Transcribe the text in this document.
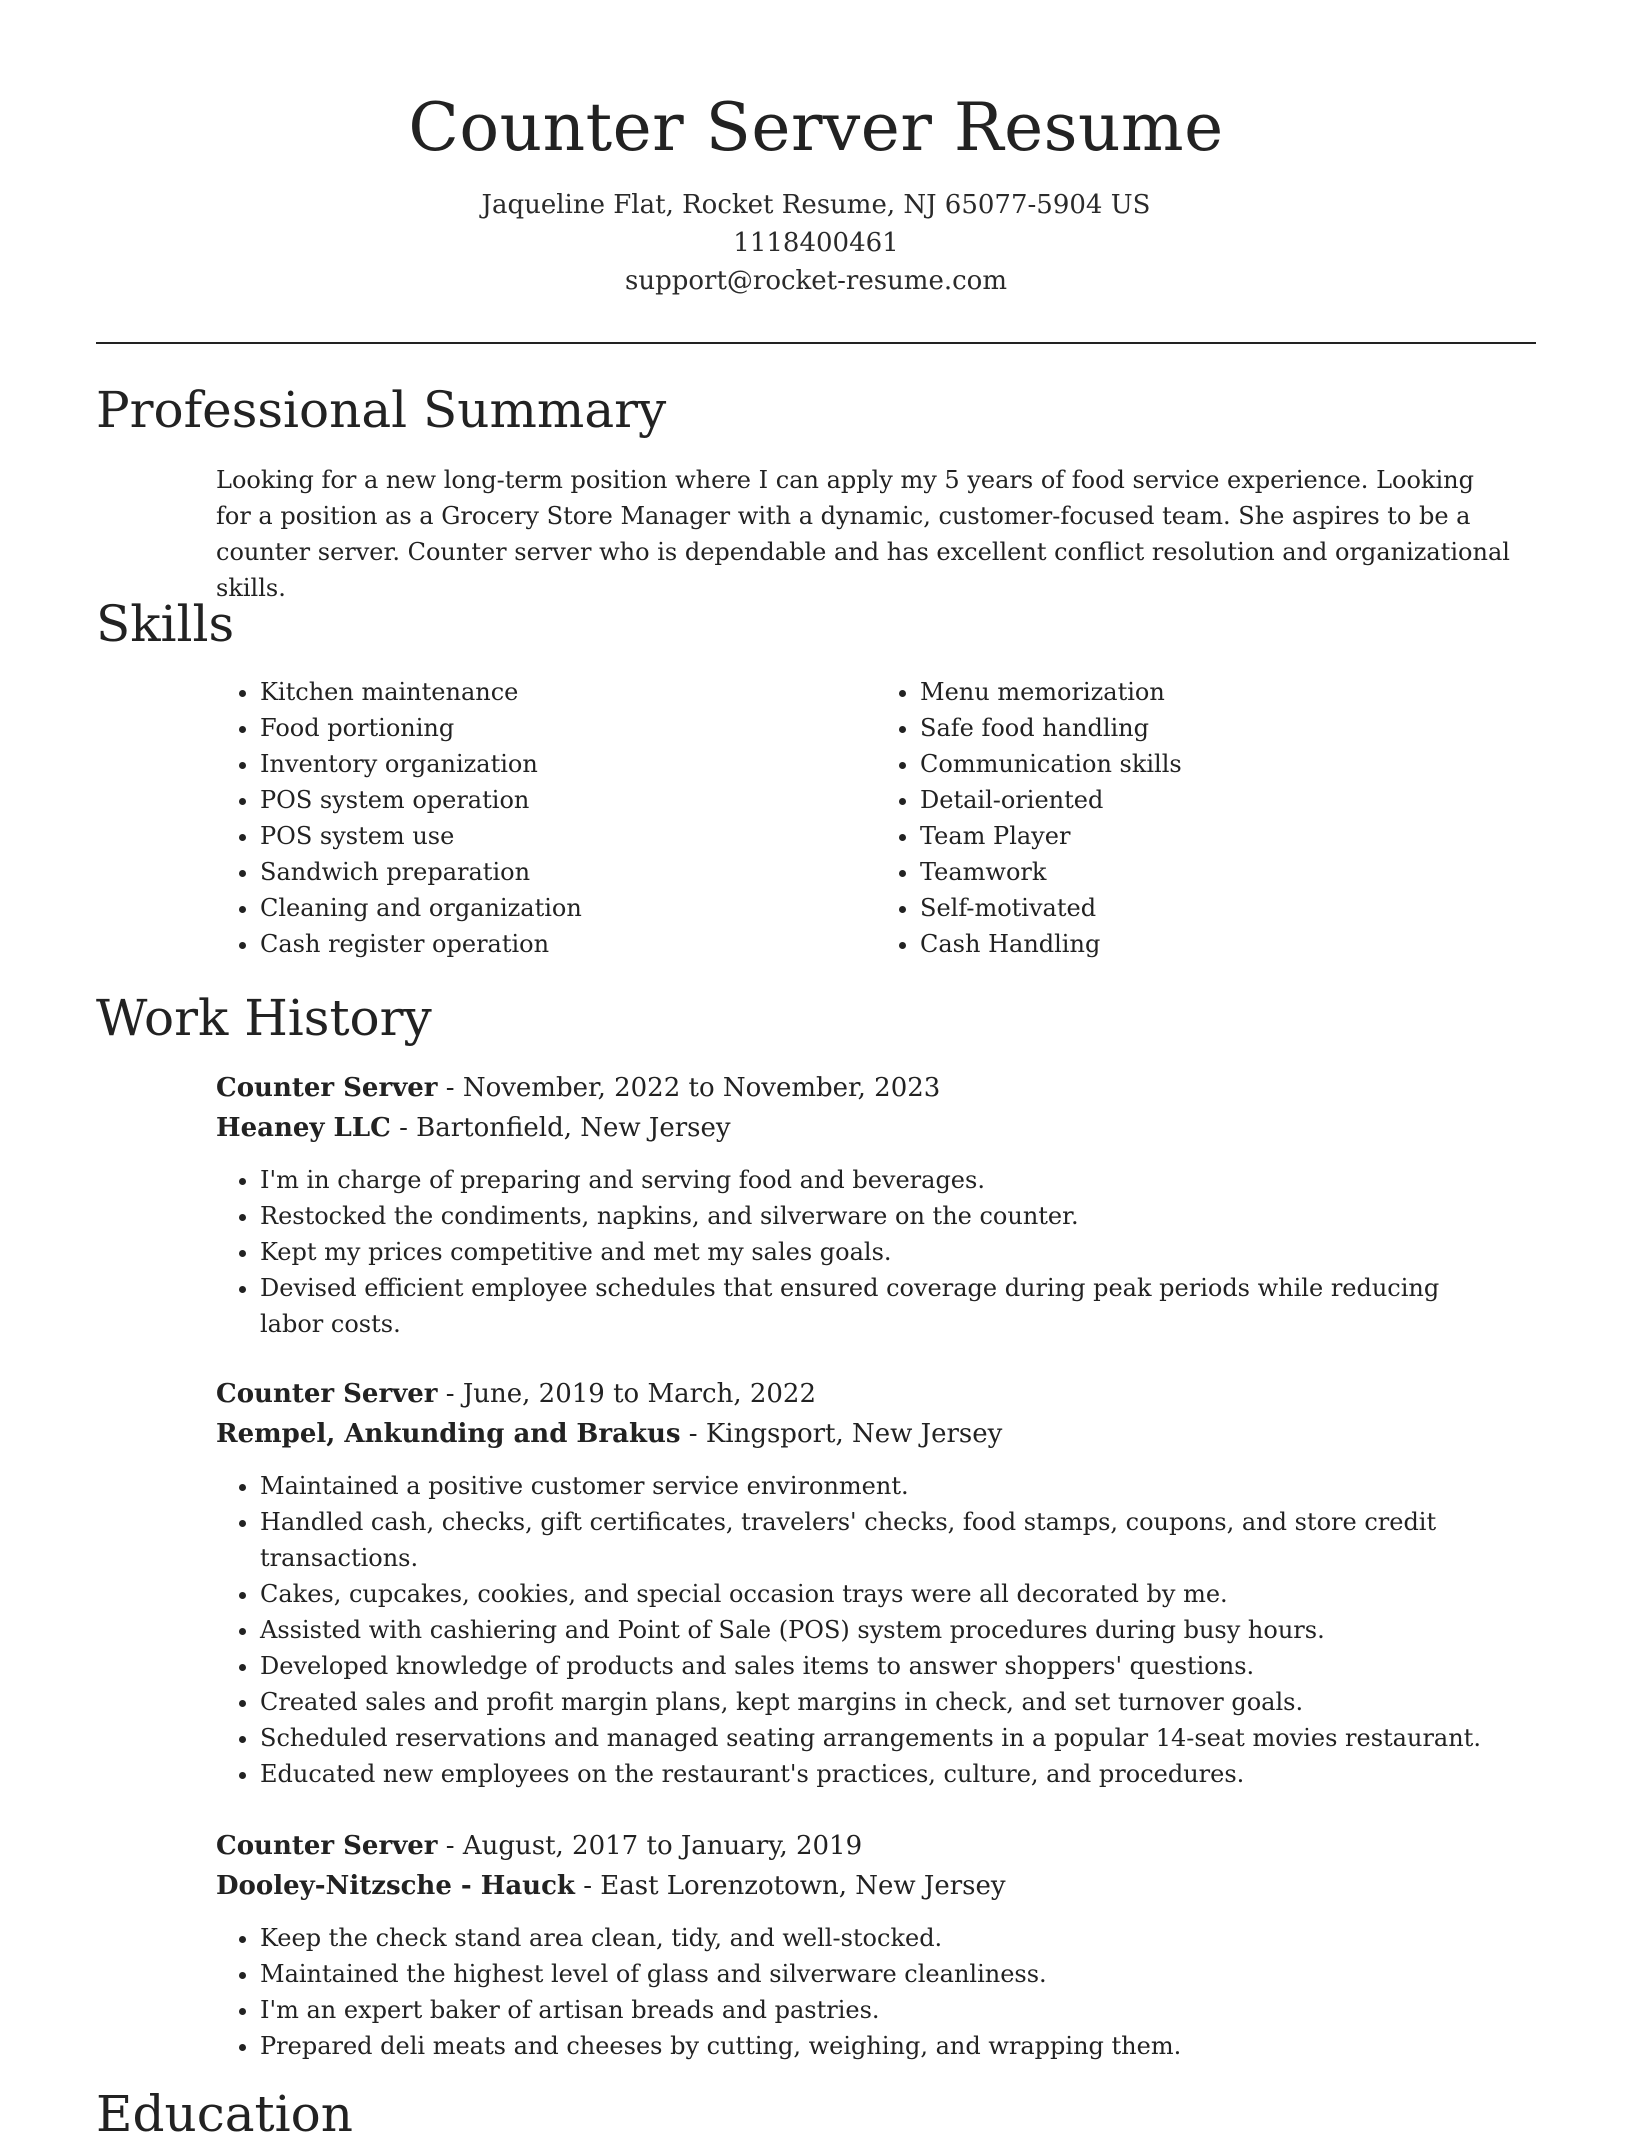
Counter Server Resume
Jaqueline Flat, Rocket Resume, NJ 65077-5904 US
1118400461
support@rocket-resume.com
Professional Summary

Looking for a new long-term position where I can apply my 5 years of food service experience. Looking for a position as a Grocery Store Manager with a dynamic, customer-focused team. She aspires to be a counter server. Counter server who is dependable and has excellent conflict resolution and organizational skills.

Skills
• Kitchen maintenance
• Food portioning
• Inventory organization
• POS system operation
• POS system use
• Sandwich preparation
• Cleaning and organization
• Cash register operation
• Menu memorization
• Safe food handling
• Communication skills
• Detail-oriented
• Team Player
• Teamwork
• Self-motivated
• Cash Handling
Work History
Counter Server - November, 2022 to November, 2023
Heaney LLC - Bartonfield, New Jersey
• I'm in charge of preparing and serving food and beverages.
• Restocked the condiments, napkins, and silverware on the counter.
• Kept my prices competitive and met my sales goals.
• Devised efficient employee schedules that ensured coverage during peak periods while reducing labor costs.
Counter Server - June, 2019 to March, 2022
Rempel, Ankunding and Brakus - Kingsport, New Jersey
• Maintained a positive customer service environment.
• Handled cash, checks, gift certificates, travelers' checks, food stamps, coupons, and store credit transactions.
• Cakes, cupcakes, cookies, and special occasion trays were all decorated by me.
• Assisted with cashiering and Point of Sale (POS) system procedures during busy hours.
• Developed knowledge of products and sales items to answer shoppers' questions.
• Created sales and profit margin plans, kept margins in check, and set turnover goals.
• Scheduled reservations and managed seating arrangements in a popular 14-seat movies restaurant.
• Educated new employees on the restaurant's practices, culture, and procedures.
Counter Server - August, 2017 to January, 2019
Dooley-Nitzsche - Hauck - East Lorenzotown, New Jersey
• Keep the check stand area clean, tidy, and well-stocked.
• Maintained the highest level of glass and silverware cleanliness.
• I'm an expert baker of artisan breads and pastries.
• Prepared deli meats and cheeses by cutting, weighing, and wrapping them.
Education
